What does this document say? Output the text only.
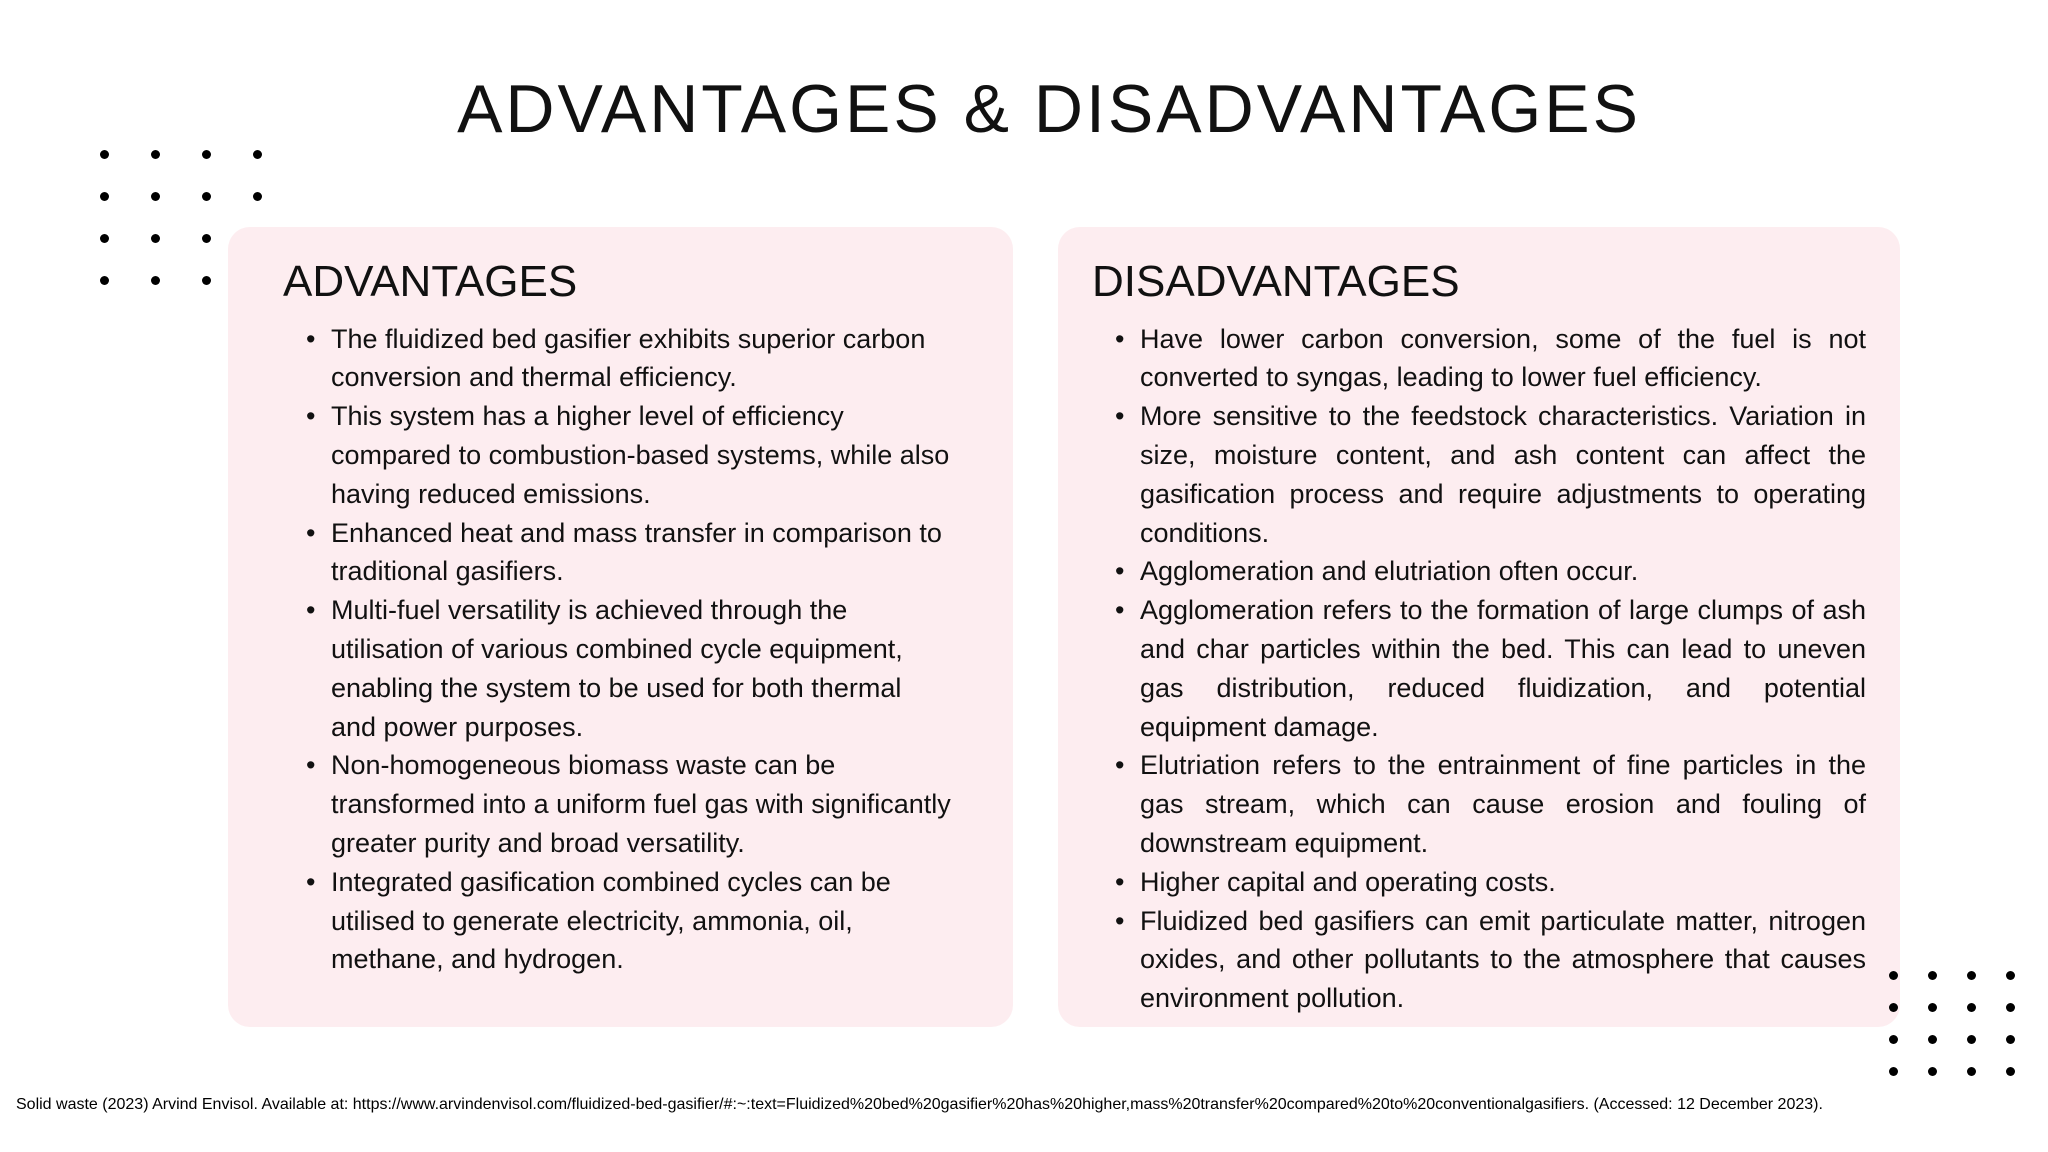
ADVANTAGES & DISADVANTAGES
ADVANTAGES
• The fluidized bed gasifier exhibits superior carbon conversion and thermal efficiency.
• This system has a higher level of efficiency compared to combustion-based systems, while also having reduced emissions.
• Enhanced heat and mass transfer in comparison to traditional gasifiers.
• Multi-fuel versatility is achieved through the utilisation of various combined cycle equipment, enabling the system to be used for both thermal and power purposes.
• Non-homogeneous biomass waste can be transformed into a uniform fuel gas with significantly greater purity and broad versatility.
• Integrated gasification combined cycles can be utilised to generate electricity, ammonia, oil, methane, and hydrogen.
DISADVANTAGES
• Have lower carbon conversion, some of the fuel is not converted to syngas, leading to lower fuel efficiency.
• More sensitive to the feedstock characteristics. Variation in size, moisture content, and ash content can affect the gasification process and require adjustments to operating conditions.
• Agglomeration and elutriation often occur.
• Agglomeration refers to the formation of large clumps of ash and char particles within the bed. This can lead to uneven gas distribution, reduced fluidization, and potential equipment damage.
• Elutriation refers to the entrainment of fine particles in the gas stream, which can cause erosion and fouling of downstream equipment.
• Higher capital and operating costs.
• Fluidized bed gasifiers can emit particulate matter, nitrogen oxides, and other pollutants to the atmosphere that causes environment pollution.

Solid waste (2023) Arvind Envisol. Available at: https://www.arvindenvisol.com/fluidized-bed-gasifier/#:~:text=Fluidized%20bed%20gasifier%20has%20higher,mass%20transfer%20compared%20to%20conventionalgasifiers. (Accessed: 12 December 2023).
